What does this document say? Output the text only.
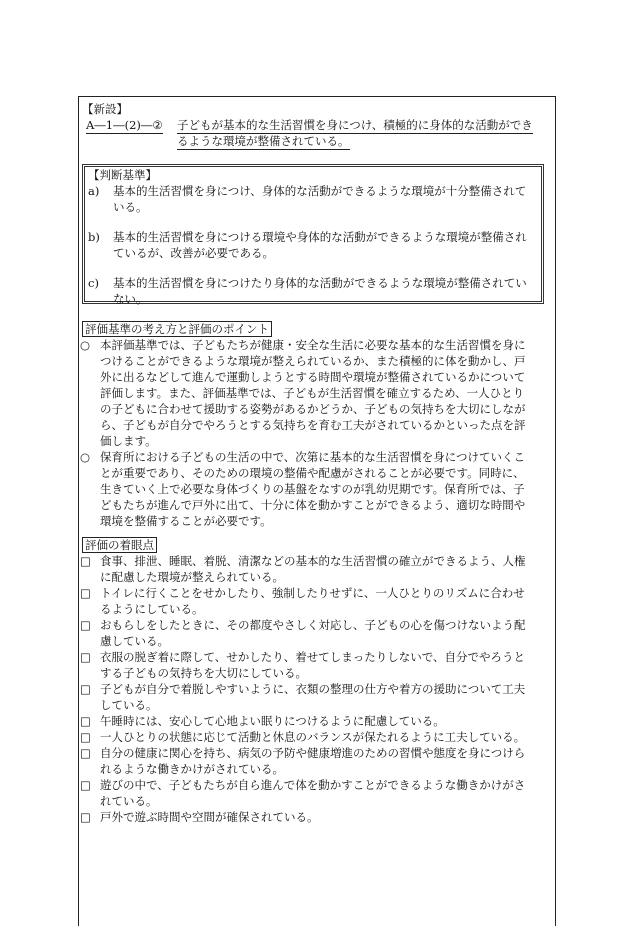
【新設】
A―1―(2)―② 子どもが基本的な生活習慣を身につけ、積極的に身体的な活動ができ
るような環境が整備されている。
【判断基準】
a) 基本的生活習慣を身につけ、身体的な活動ができるような環境が十分整備されて
いる。
b) 基本的生活習慣を身につける環境や身体的な活動ができるような環境が整備され
ているが、改善が必要である。
c) 基本的生活習慣を身につけたり身体的な活動ができるような環境が整備されてい
ない。
評価基準の考え方と評価のポイント
○ 本評価基準では、子どもたちが健康・安全な生活に必要な基本的な生活習慣を身に
つけることができるような環境が整えられているか、また積極的に体を動かし、戸
外に出るなどして進んで運動しようとする時間や環境が整備されているかについて
評価します。また、評価基準では、子どもが生活習慣を確立するため、一人ひとり
の子どもに合わせて援助する姿勢があるかどうか、子どもの気持ちを大切にしなが
ら、子どもが自分でやろうとする気持ちを育む工夫がされているかといった点を評
価します。
○ 保育所における子どもの生活の中で、次第に基本的な生活習慣を身につけていくこ
とが重要であり、そのための環境の整備や配慮がされることが必要です。同時に、
生きていく上で必要な身体づくりの基盤をなすのが乳幼児期です。保育所では、子
どもたちが進んで戸外に出て、十分に体を動かすことができるよう、適切な時間や
環境を整備することが必要です。
評価の着眼点
□ 食事、排泄、睡眠、着脱、清潔などの基本的な生活習慣の確立ができるよう、人権
に配慮した環境が整えられている。
□ トイレに行くことをせかしたり、強制したりせずに、一人ひとりのリズムに合わせ
るようにしている。
□ おもらしをしたときに、その都度やさしく対応し、子どもの心を傷つけないよう配
慮している。
□ 衣服の脱ぎ着に際して、せかしたり、着せてしまったりしないで、自分でやろうと
する子どもの気持ちを大切にしている。
□ 子どもが自分で着脱しやすいように、衣類の整理の仕方や着方の援助について工夫
している。
□ 午睡時には、安心して心地よい眠りにつけるように配慮している。
□ 一人ひとりの状態に応じて活動と休息のバランスが保たれるように工夫している。
□ 自分の健康に関心を持ち、病気の予防や健康増進のための習慣や態度を身につけら
れるような働きかけがされている。
□ 遊びの中で、子どもたちが自ら進んで体を動かすことができるような働きかけがさ
れている。
□ 戸外で遊ぶ時間や空間が確保されている。
